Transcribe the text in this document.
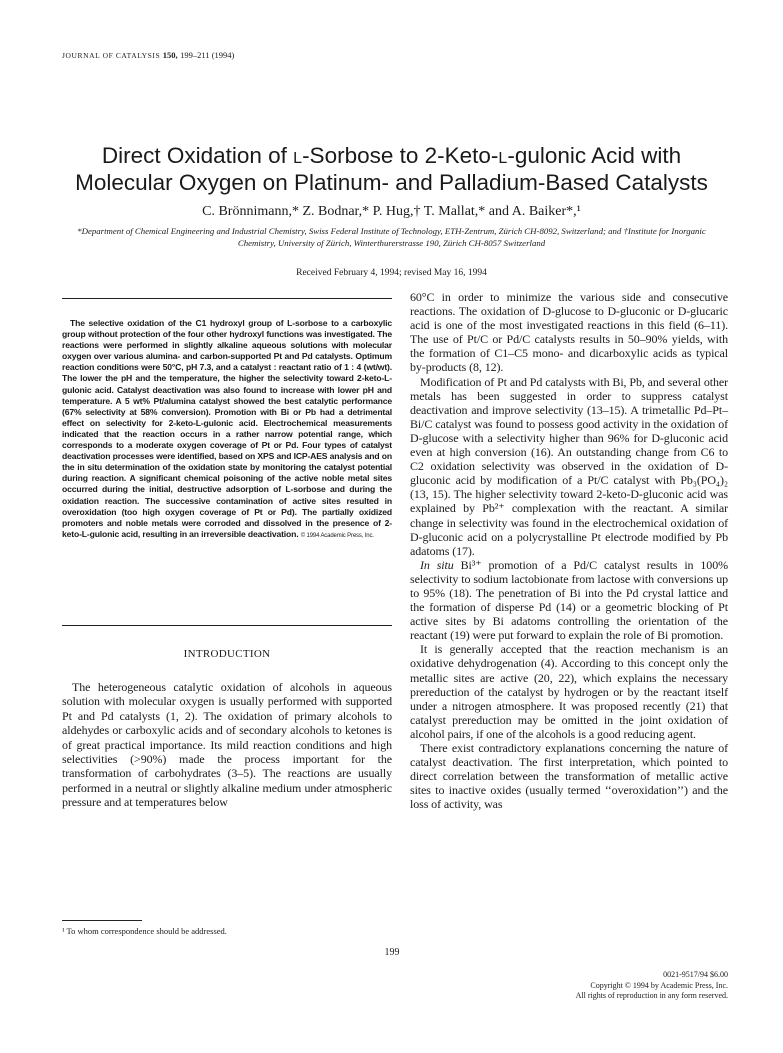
JOURNAL OF CATALYSIS 150, 199–211 (1994)
Direct Oxidation of l-Sorbose to 2-Keto-l-gulonic Acid with
Molecular Oxygen on Platinum- and Palladium-Based Catalysts
C. Brönnimann,* Z. Bodnar,* P. Hug,† T. Mallat,* and A. Baiker*,¹
*Department of Chemical Engineering and Industrial Chemistry, Swiss Federal Institute of Technology, ETH-Zentrum, Zürich CH-8092, Switzerland; and †Institute for Inorganic Chemistry, University of Zürich, Winterthurerstrasse 190, Zürich CH-8057 Switzerland
Received February 4, 1994; revised May 16, 1994

The selective oxidation of the C1 hydroxyl group of L-sorbose to a carboxylic group without protection of the four other hydroxyl functions was investigated. The reactions were performed in slightly alkaline aqueous solutions with molecular oxygen over various alumina- and carbon-supported Pt and Pd catalysts. Optimum reaction conditions were 50°C, pH 7.3, and a catalyst : reactant ratio of 1 : 4 (wt/wt). The lower the pH and the temperature, the higher the selectivity toward 2-keto-L-gulonic acid. Catalyst deactivation was also found to increase with lower pH and temperature. A 5 wt% Pt/alumina catalyst showed the best catalytic performance (67% selectivity at 58% conversion). Promotion with Bi or Pb had a detrimental effect on selectivity for 2-keto-L-gulonic acid. Electrochemical measurements indicated that the reaction occurs in a rather narrow potential range, which corresponds to a moderate oxygen coverage of Pt or Pd. Four types of catalyst deactivation processes were identified, based on XPS and ICP-AES analysis and on the in situ determination of the oxidation state by monitoring the catalyst potential during reaction. A significant chemical poisoning of the active noble metal sites occurred during the initial, destructive adsorption of L-sorbose and during the oxidation reaction. The successive contamination of active sites resulted in overoxidation (too high oxygen coverage of Pt or Pd). The partially oxidized promoters and noble metals were corroded and dissolved in the presence of 2-keto-L-gulonic acid, resulting in an irreversible deactivation. © 1994 Academic Press, Inc.

INTRODUCTION

The heterogeneous catalytic oxidation of alcohols in aqueous solution with molecular oxygen is usually performed with supported Pt and Pd catalysts (1, 2). The oxidation of primary alcohols to aldehydes or carboxylic acids and of secondary alcohols to ketones is of great practical importance. Its mild reaction conditions and high selectivities (>90%) made the process important for the transformation of carbohydrates (3–5). The reactions are usually performed in a neutral or slightly alkaline medium under atmospheric pressure and at temperatures below

¹ To whom correspondence should be addressed.

60°C in order to minimize the various side and consecutive reactions. The oxidation of D-glucose to D-gluconic or D-glucaric acid is one of the most investigated reactions in this field (6–11). The use of Pt/C or Pd/C catalysts results in 50–90% yields, with the formation of C1–C5 mono- and dicarboxylic acids as typical by-products (8, 12).

Modification of Pt and Pd catalysts with Bi, Pb, and several other metals has been suggested in order to suppress catalyst deactivation and improve selectivity (13–15). A trimetallic Pd–Pt–Bi/C catalyst was found to possess good activity in the oxidation of D-glucose with a selectivity higher than 96% for D-gluconic acid even at high conversion (16). An outstanding change from C6 to C2 oxidation selectivity was observed in the oxidation of D-gluconic acid by modification of a Pt/C catalyst with Pb₃(PO₄)₂ (13, 15). The higher selectivity toward 2-keto-D-gluconic acid was explained by Pb²⁺ complexation with the reactant. A similar change in selectivity was found in the electrochemical oxidation of D-gluconic acid on a polycrystalline Pt electrode modified by Pb adatoms (17).

In situ Bi³⁺ promotion of a Pd/C catalyst results in 100% selectivity to sodium lactobionate from lactose with conversions up to 95% (18). The penetration of Bi into the Pd crystal lattice and the formation of disperse Pd (14) or a geometric blocking of Pt active sites by Bi adatoms controlling the orientation of the reactant (19) were put forward to explain the role of Bi promotion.

It is generally accepted that the reaction mechanism is an oxidative dehydrogenation (4). According to this concept only the metallic sites are active (20, 22), which explains the necessary prereduction of the catalyst by hydrogen or by the reactant itself under a nitrogen atmosphere. It was proposed recently (21) that catalyst prereduction may be omitted in the joint oxidation of alcohol pairs, if one of the alcohols is a good reducing agent.

There exist contradictory explanations concerning the nature of catalyst deactivation. The first interpretation, which pointed to direct correlation between the transformation of metallic active sites to inactive oxides (usually termed ‘‘overoxidation’’) and the loss of activity, was

199
0021-9517/94 $6.00
Copyright © 1994 by Academic Press, Inc.
All rights of reproduction in any form reserved.
